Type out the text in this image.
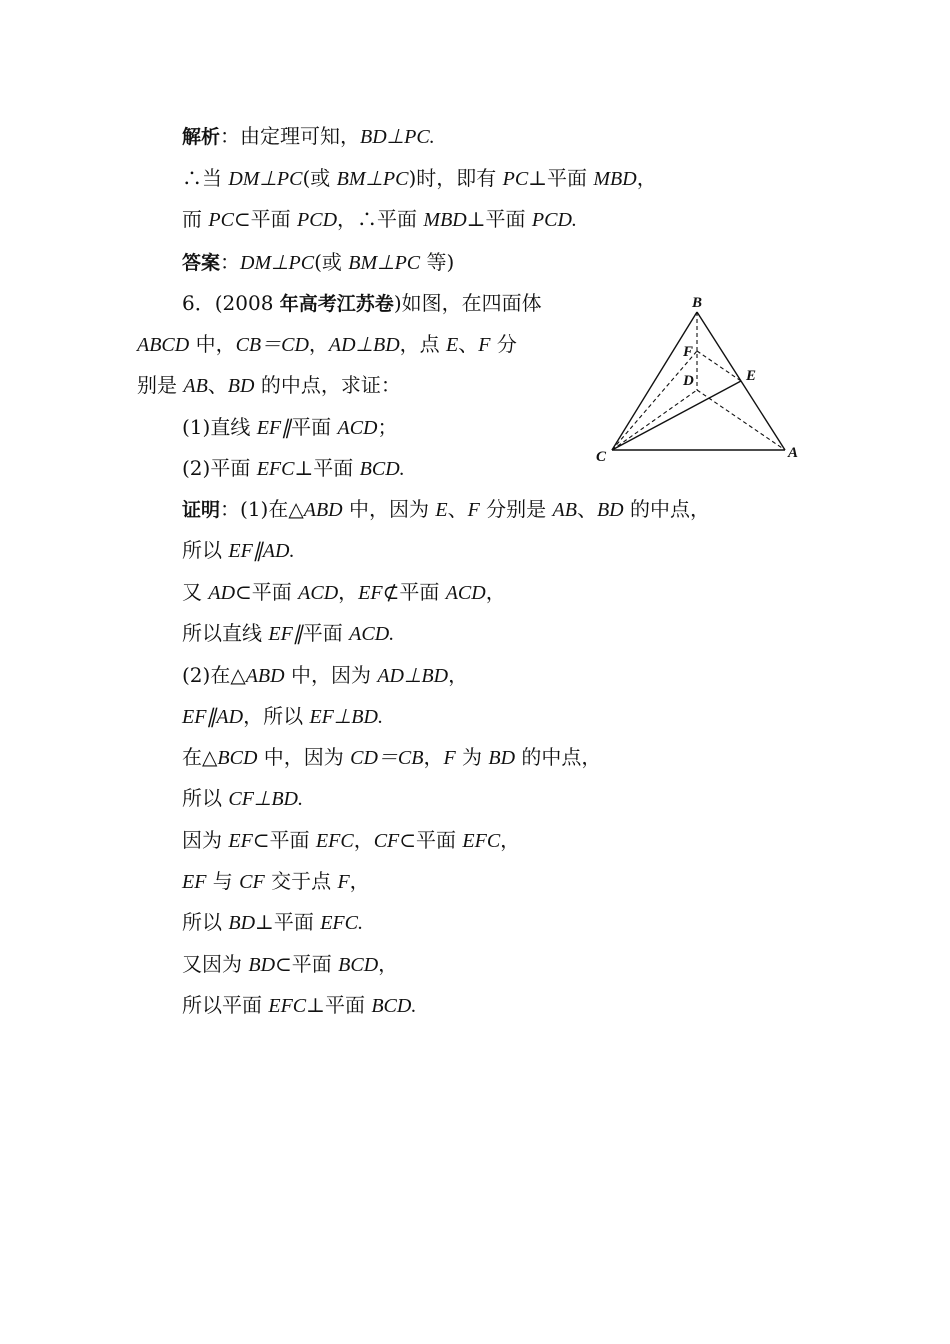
解析：由定理可知，BD⊥PC.
∴当 DM⊥PC(或 BM⊥PC)时，即有 PC⊥平面 MBD，
而 PC⊂平面 PCD，∴平面 MBD⊥平面 PCD.
答案：DM⊥PC(或 BM⊥PC 等)
6．(2008 年高考江苏卷)如图，在四面体
ABCD 中，CB＝CD，AD⊥BD，点 E、F 分
别是 AB、BD 的中点，求证：
(1)直线 EF∥平面 ACD；
(2)平面 EFC⊥平面 BCD.
B
F
D	E
C	A
证明：(1)在△ABD 中，因为 E、F 分别是 AB、BD 的中点，
所以 EF∥AD.
又 AD⊂平面 ACD，EF⊄平面 ACD，
所以直线 EF∥平面 ACD.
(2)在△ABD 中，因为 AD⊥BD，
EF∥AD，所以 EF⊥BD.
在△BCD 中，因为 CD＝CB，F 为 BD 的中点，
所以 CF⊥BD.
因为 EF⊂平面 EFC，CF⊂平面 EFC，
EF 与 CF 交于点 F，
所以 BD⊥平面 EFC.
又因为 BD⊂平面 BCD，
所以平面 EFC⊥平面 BCD.
